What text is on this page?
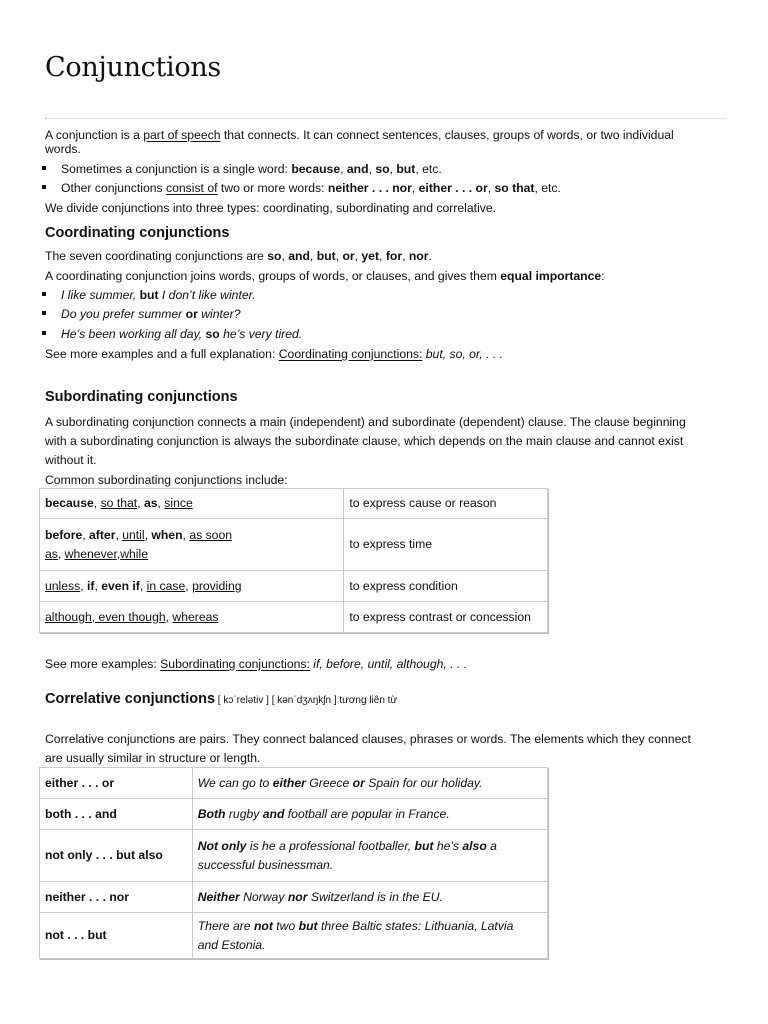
Conjunctions
A conjunction is a part of speech that connects. It can connect sentences, clauses, groups of words, or two individual
words.
Sometimes a conjunction is a single word: because, and, so, but, etc.
Other conjunctions consist of two or more words: neither . . . nor, either . . . or, so that, etc.
We divide conjunctions into three types: coordinating, subordinating and correlative.
Coordinating conjunctions
The seven coordinating conjunctions are so, and, but, or, yet, for, nor.
A coordinating conjunction joins words, groups of words, or clauses, and gives them equal importance:
I like summer, but I don’t like winter.
Do you prefer summer or winter?
He’s been working all day, so he’s very tired.
See more examples and a full explanation: Coordinating conjunctions: but, so, or, . . .
Subordinating conjunctions
A subordinating conjunction connects a main (independent) and subordinate (dependent) clause. The clause beginning
with a subordinating conjunction is always the subordinate clause, which depends on the main clause and cannot exist
without it.
Common subordinating conjunctions include:
because, so that, as, since	to express cause or reason
before, after, until, when, as soon
as, whenever,while	to express time
unless, if, even if, in case, providing	to express condition
although, even though, whereas	to express contrast or concession
See more examples: Subordinating conjunctions: if, before, until, although, . . .
Correlative conjunctions [ kɔˈrelətiv ] [ kənˈdʒʌŋkʃn ] tương liên từ
Correlative conjunctions are pairs. They connect balanced clauses, phrases or words. The elements which they connect
are usually similar in structure or length.
either . . . or	We can go to either Greece or Spain for our holiday.
both . . . and	Both rugby and football are popular in France.
not only . . . but also	Not only is he a professional footballer, but he’s also a
successful businessman.
neither . . . nor	Neither Norway nor Switzerland is in the EU.
not . . . but	There are not two but three Baltic states: Lithuania, Latvia
and Estonia.
